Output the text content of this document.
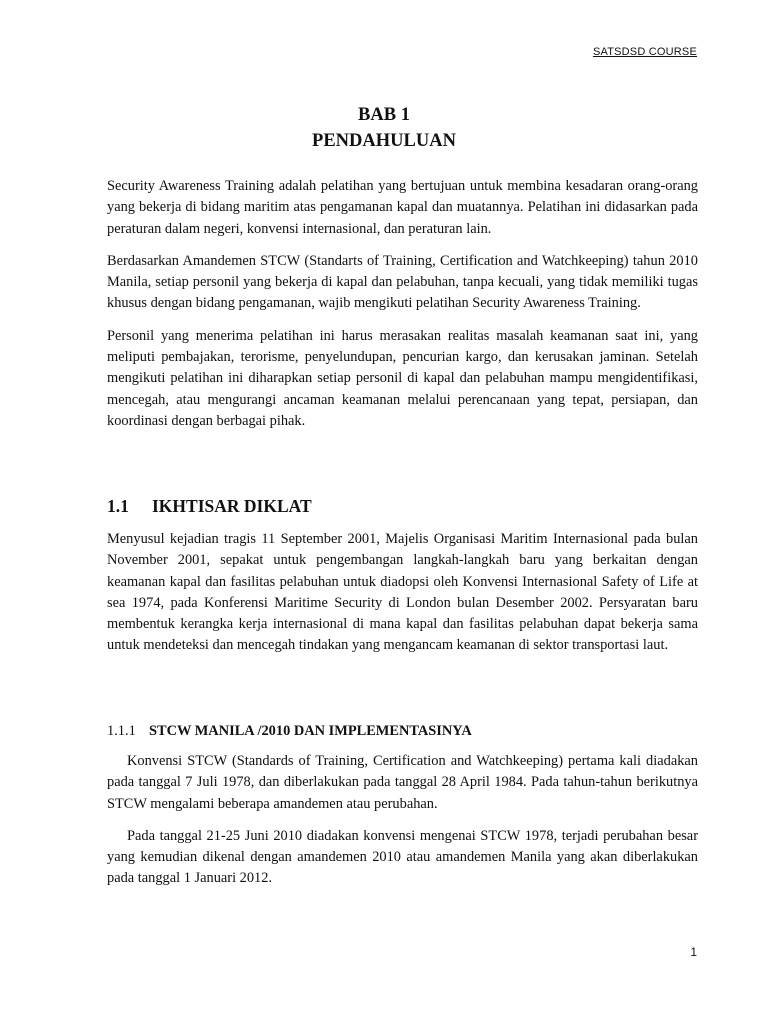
SATSDSD COURSE
BAB 1
PENDAHULUAN

Security Awareness Training adalah pelatihan yang bertujuan untuk membina kesadaran orang-orang yang bekerja di bidang maritim atas pengamanan kapal dan muatannya. Pelatihan ini didasarkan pada peraturan dalam negeri, konvensi internasional, dan peraturan lain.

Berdasarkan Amandemen STCW (Standarts of Training, Certification and Watchkeeping) tahun 2010 Manila, setiap personil yang bekerja di kapal dan pelabuhan, tanpa kecuali, yang tidak memiliki tugas khusus dengan bidang pengamanan, wajib mengikuti pelatihan Security Awareness Training.

Personil yang menerima pelatihan ini harus merasakan realitas masalah keamanan saat ini, yang meliputi pembajakan, terorisme, penyelundupan, pencurian kargo, dan kerusakan jaminan. Setelah mengikuti pelatihan ini diharapkan setiap personil di kapal dan pelabuhan mampu mengidentifikasi, mencegah, atau mengurangi ancaman keamanan melalui perencanaan yang tepat, persiapan, dan koordinasi dengan berbagai pihak.

1.1 IKHTISAR DIKLAT

Menyusul kejadian tragis 11 September 2001, Majelis Organisasi Maritim Internasional pada bulan November 2001, sepakat untuk pengembangan langkah-langkah baru yang berkaitan dengan keamanan kapal dan fasilitas pelabuhan untuk diadopsi oleh Konvensi Internasional Safety of Life at sea 1974, pada Konferensi Maritime Security di London bulan Desember 2002. Persyaratan baru membentuk kerangka kerja internasional di mana kapal dan fasilitas pelabuhan dapat bekerja sama untuk mendeteksi dan mencegah tindakan yang mengancam keamanan di sektor transportasi laut.

1.1.1 STCW MANILA /2010 DAN IMPLEMENTASINYA

Konvensi STCW (Standards of Training, Certification and Watchkeeping) pertama kali diadakan pada tanggal 7 Juli 1978, dan diberlakukan pada tanggal 28 April 1984. Pada tahun-tahun berikutnya STCW mengalami beberapa amandemen atau perubahan.

Pada tanggal 21-25 Juni 2010 diadakan konvensi mengenai STCW 1978, terjadi perubahan besar yang kemudian dikenal dengan amandemen 2010 atau amandemen Manila yang akan diberlakukan pada tanggal 1 Januari 2012.

1
